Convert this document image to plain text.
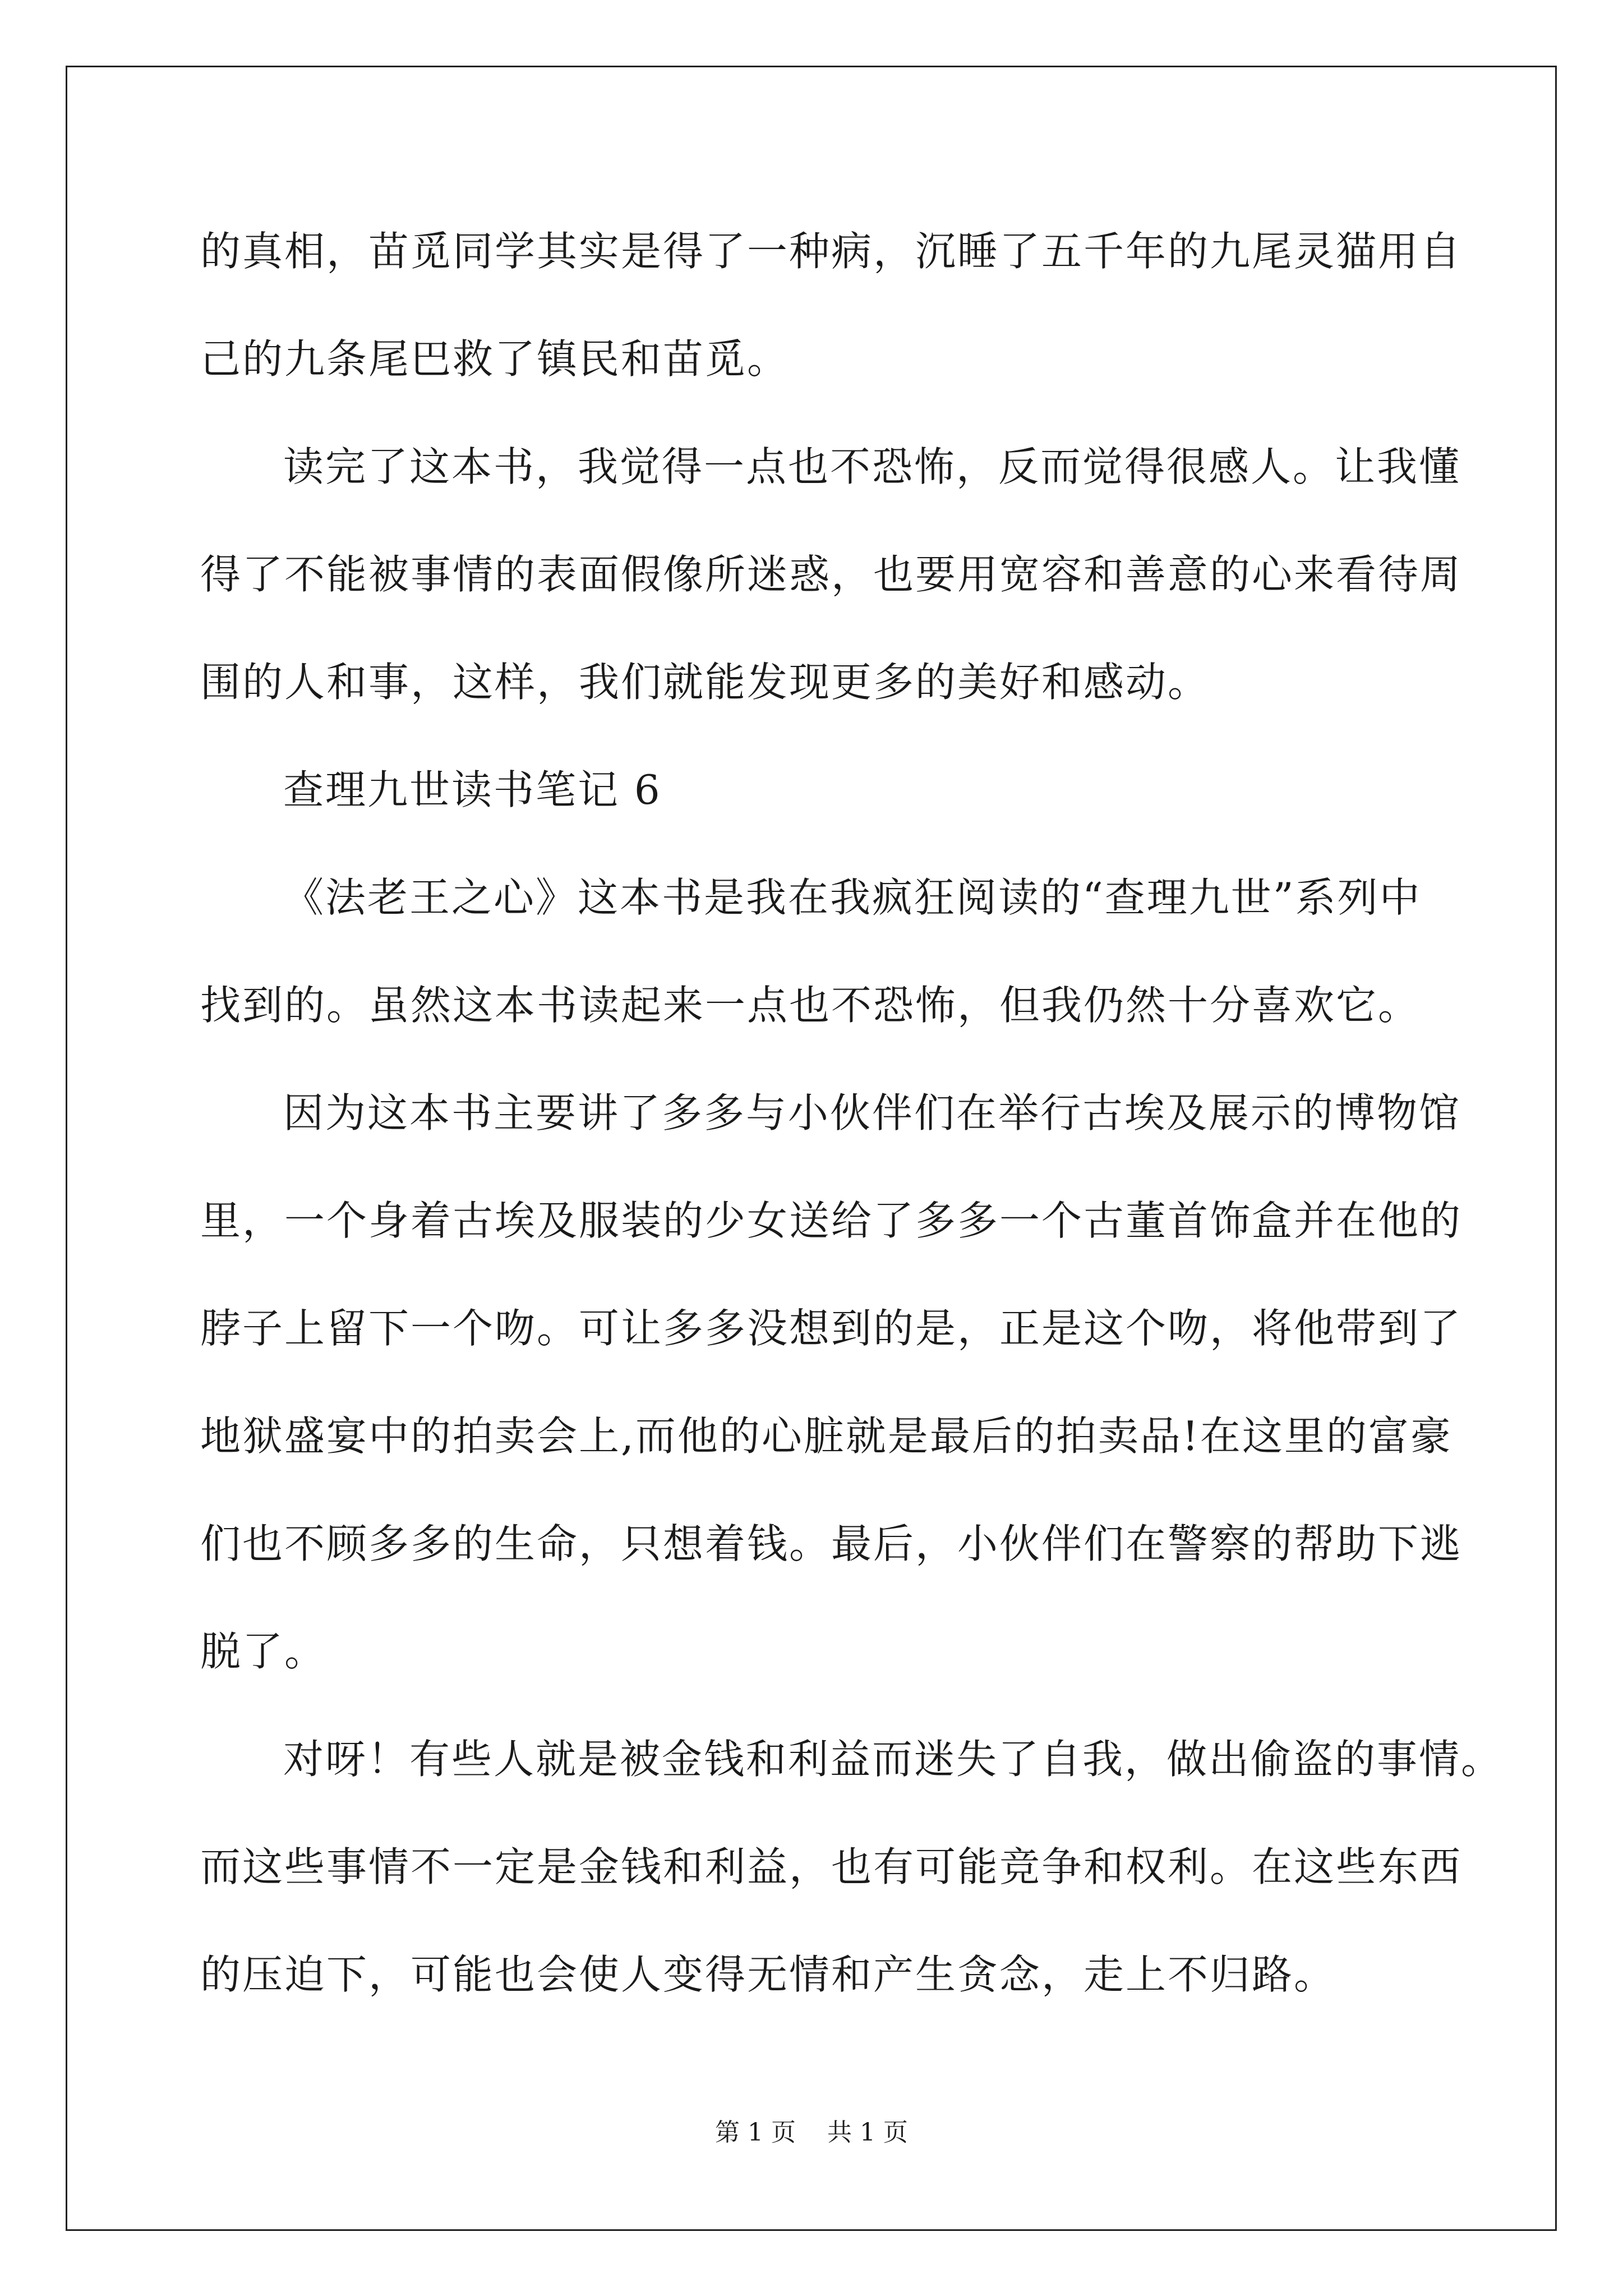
的真相，苗觅同学其实是得了一种病，沉睡了五千年的九尾灵猫用自
己的九条尾巴救了镇民和苗觅。
读完了这本书，我觉得一点也不恐怖，反而觉得很感人。让我懂
得了不能被事情的表面假像所迷惑，也要用宽容和善意的心来看待周
围的人和事，这样，我们就能发现更多的美好和感动。
查理九世读书笔记 6
《法老王之心》这本书是我在我疯狂阅读的“查理九世”系列中
找到的。虽然这本书读起来一点也不恐怖，但我仍然十分喜欢它。
因为这本书主要讲了多多与小伙伴们在举行古埃及展示的博物馆
里，一个身着古埃及服装的少女送给了多多一个古董首饰盒并在他的
脖子上留下一个吻。可让多多没想到的是，正是这个吻，将他带到了
地狱盛宴中的拍卖会上,而他的心脏就是最后的拍卖品!在这里的富豪
们也不顾多多的生命，只想着钱。最后，小伙伴们在警察的帮助下逃
脱了。
对呀！有些人就是被金钱和利益而迷失了自我，做出偷盗的事情。
而这些事情不一定是金钱和利益，也有可能竞争和权利。在这些东西
的压迫下，可能也会使人变得无情和产生贪念，走上不归路。
第 1 页    共 1 页
